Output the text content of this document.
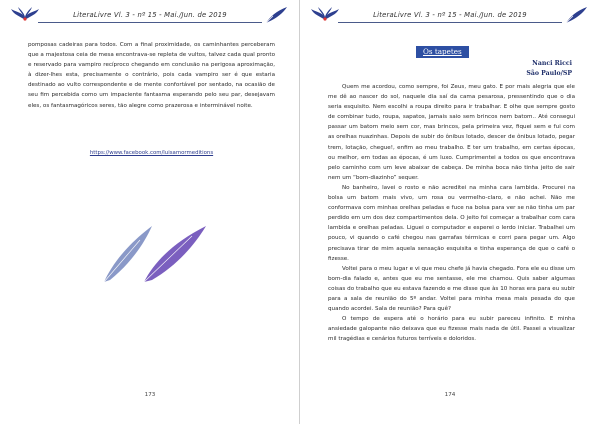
LiteraLivre Vl. 3 - nº 15 - Mai./Jun. de 2019

pomposas cadeiras para todos. Com a final proximidade, os caminhantes perceberam que a majestosa ceia de mesa encontrava-se repleta de vultos, talvez cada qual pronto e reservado para vampiro recíproco chegando em conclusão na perigosa aproximação, à dizer-lhes esta, precisamente o contrário, pois cada vampiro ser é que estaria destinado ao vulto correspondente e de mente confortável por sentado, na ocasião de seu fim percebida como um impaciente fantasma esperando pelo seu par, desejavam eles, os fantasmagóricos seres, tão alegre como prazerosa e interminável noite.

https://www.facebook.com/luisamormeditions
173
LiteraLivre Vl. 3 - nº 15 - Mai./Jun. de 2019
Os tapetes
Nanci Ricci
São Paulo/SP

Quem me acordou, como sempre, foi Zeus, meu gato. E por mais alegria que ele me dê ao nascer do sol, naquele dia saí da cama pesarosa, pressentindo que o dia seria esquisito. Nem escolhi a roupa direito para ir trabalhar. E olhe que sempre gosto de combinar tudo, roupa, sapatos, jamais saio sem brincos nem batom.. Até consegui passar um batom meio sem cor, mas brincos, pela primeira vez, fiquei sem e fui com as orelhas nuazinhas. Depois de subir do ônibus lotado, descer de ônibus lotado, pegar trem, lotação, chegue!, enfim ao meu trabalho. E ter um trabalho, em certas épocas, ou melhor, em todas as épocas, é um luxo. Cumprimentei a todos os que encontrava pelo caminho com um leve abaixar de cabeça. De minha boca não tinha jeito de sair nem um “bom-diazinho” sequer.

No banheiro, lavei o rosto e não acreditei na minha cara lambida. Procurei na bolsa um batom mais vivo, um rosa ou vermelho-claro, e não achei. Não me conformava com minhas orelhas peladas e fuce na bolsa para ver se não tinha um par perdido em um dos dez compartimentos dela. O jeito foi começar a trabalhar com cara lambida e orelhas peladas. Liguei o computador e esperei o lerdo iniciar. Trabalhei um pouco, vi quando o café chegou nas garrafas térmicas e corri para pegar um. Algo precisava tirar de mim aquela sensação esquisita e tinha esperança de que o café o fizesse.

Voltei para o meu lugar e vi que meu chefe já havia chegado. Fora ele eu disse um bom-dia falado e, antes que eu me sentasse, ele me chamou. Quis saber algumas coisas do trabalho que eu estava fazendo e me disse que às 10 horas era para eu subir para a sala de reunião do 5º andar. Voltei para minha mesa mais pesada do que quando acordei. Sala de reunião? Para quê?

O tempo de espera até o horário para eu subir pareceu infinito. E minha ansiedade galopante não deixava que eu fizesse mais nada de útil. Passei a visualizar mil tragédias e cenários futuros terríveis e doloridos.

174
